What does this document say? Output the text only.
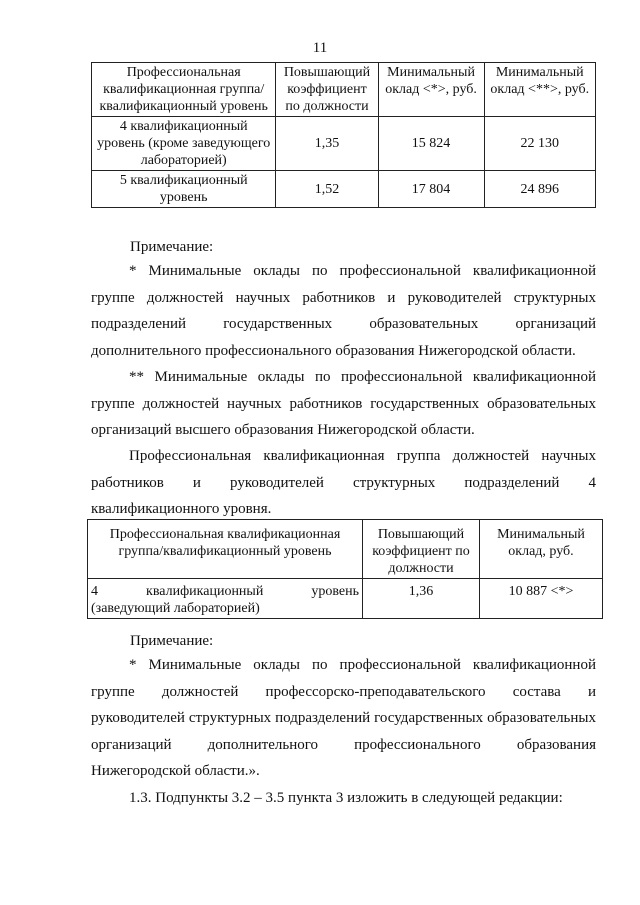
11
Профессиональная квалификационная группа/квалификационный уровень	Повышающий коэффициент по должности	Минимальный оклад <*>, руб.	Минимальный оклад <**>, руб.
4 квалификационный уровень (кроме заведующего лабораторией)	1,35	15 824	22 130
5 квалификационный уровень	1,52	17 804	24 896
Примечание:

* Минимальные оклады по профессиональной квалификационной группе должностей научных работников и руководителей структурных подразделений государственных образовательных организаций дополнительного профессионального образования Нижегородской области.

** Минимальные оклады по профессиональной квалификационной группе должностей научных работников государственных образовательных организаций высшего образования Нижегородской области.

Профессиональная квалификационная группа должностей научных работников и руководителей структурных подразделений 4 квалификационного уровня.

Профессиональная квалификационная группа/квалификационный уровень	Повышающий коэффициент по должности	Минимальный оклад, руб.

4 квалификационный уровень
(заведующий лабораторией)	1,36	10 887 <*>
Примечание:

* Минимальные оклады по профессиональной квалификационной группе должностей профессорско-преподавательского состава и руководителей структурных подразделений государственных образовательных организаций дополнительного профессионального образования Нижегородской области.».

1.3. Подпункты 3.2 – 3.5 пункта 3 изложить в следующей редакции:
